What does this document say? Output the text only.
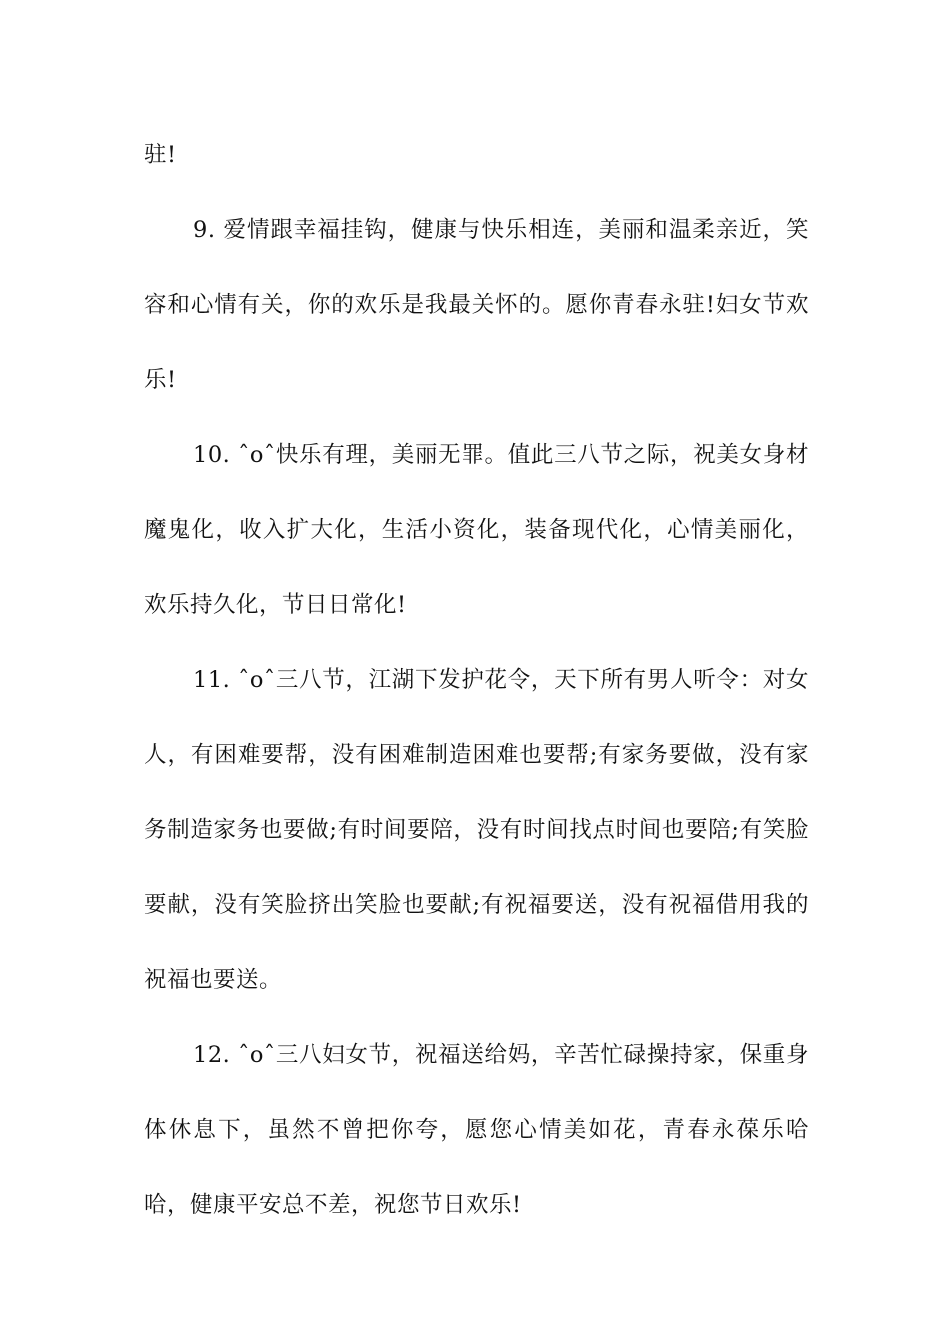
驻!

9. 爱情跟幸福挂钩，健康与快乐相连，美丽和温柔亲近，笑容和心情有关，你的欢乐是我最关怀的。愿你青春永驻!妇女节欢乐!

10. ˆoˆ快乐有理，美丽无罪。值此三八节之际，祝美女身材魔鬼化，收入扩大化，生活小资化，装备现代化，心情美丽化，欢乐持久化，节日日常化!

11. ˆoˆ三八节，江湖下发护花令，天下所有男人听令：对女人，有困难要帮，没有困难制造困难也要帮;有家务要做，没有家务制造家务也要做;有时间要陪，没有时间找点时间也要陪;有笑脸要献，没有笑脸挤出笑脸也要献;有祝福要送，没有祝福借用我的祝福也要送。

12. ˆoˆ三八妇女节，祝福送给妈，辛苦忙碌操持家，保重身体休息下，虽然不曾把你夸，愿您心情美如花，青春永葆乐哈哈，健康平安总不差，祝您节日欢乐!
